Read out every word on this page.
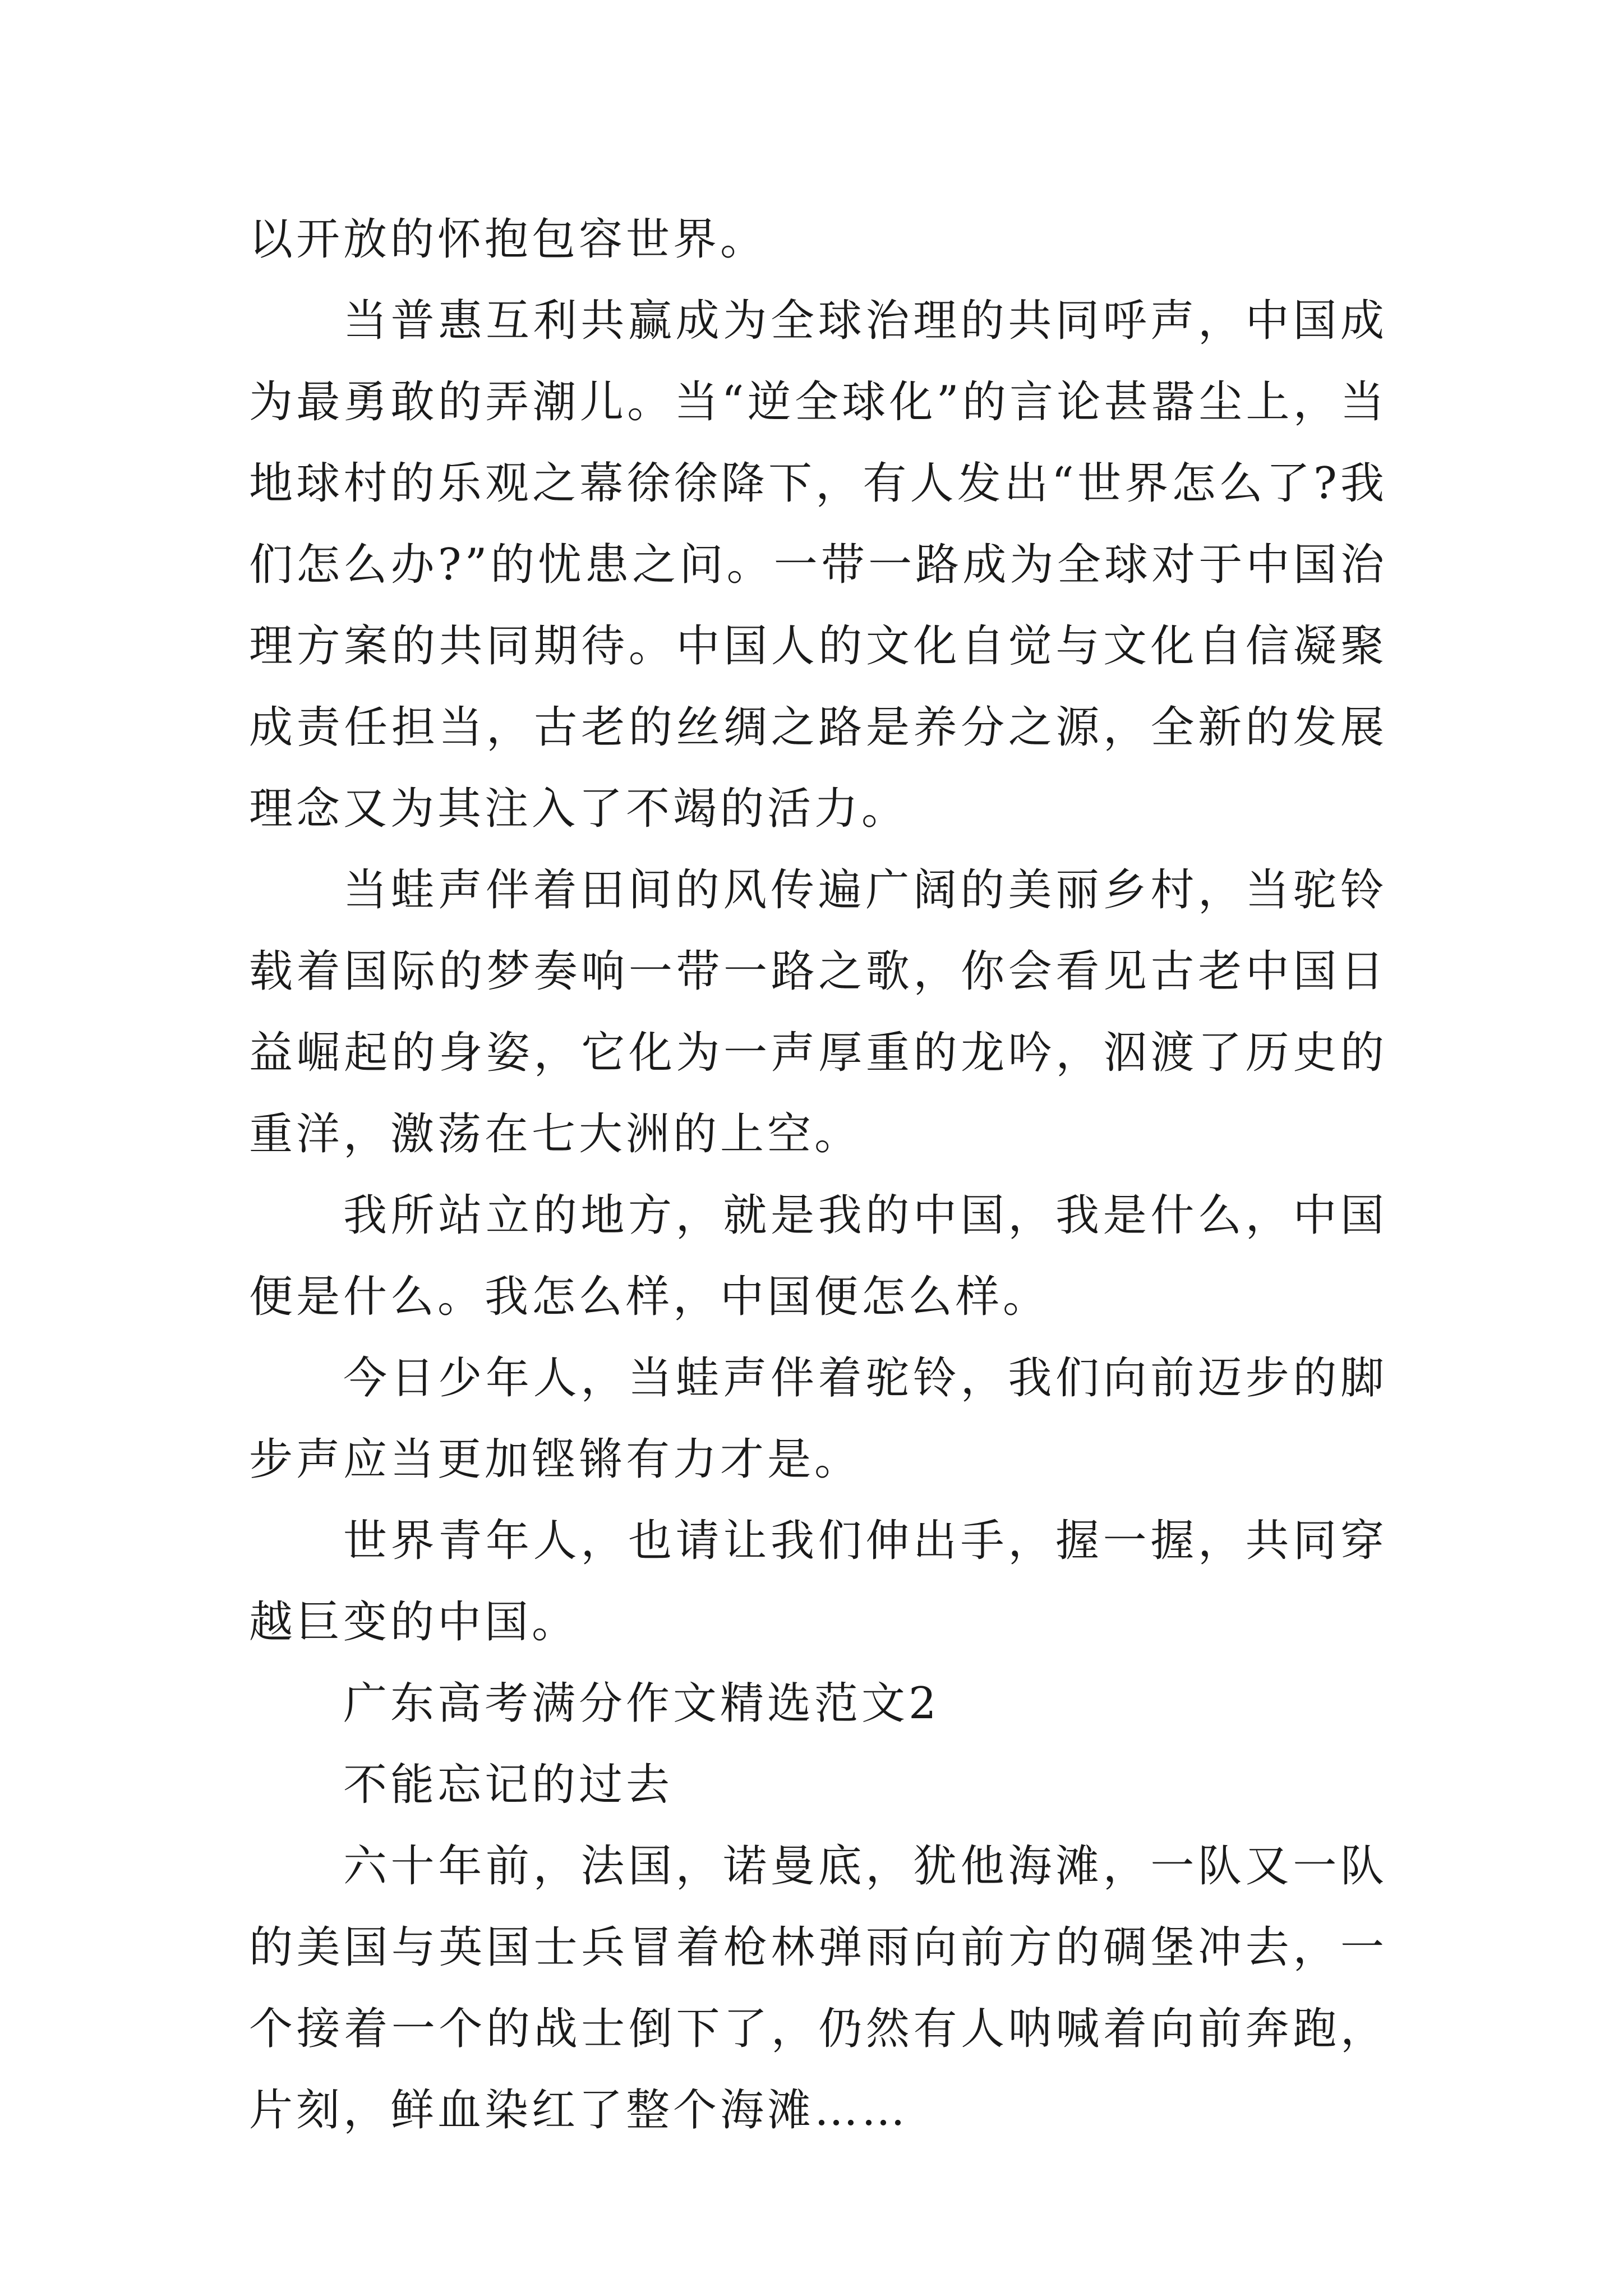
以开放的怀抱包容世界。

当普惠互利共赢成为全球治理的共同呼声，中国成为最勇敢的弄潮儿。当“逆全球化”的言论甚嚣尘上，当地球村的乐观之幕徐徐降下，有人发出“世界怎么了?我们怎么办?”的忧患之问。一带一路成为全球对于中国治理方案的共同期待。中国人的文化自觉与文化自信凝聚成责任担当，古老的丝绸之路是养分之源，全新的发展理念又为其注入了不竭的活力。

当蛙声伴着田间的风传遍广阔的美丽乡村，当驼铃载着国际的梦奏响一带一路之歌，你会看见古老中国日益崛起的身姿，它化为一声厚重的龙吟，泅渡了历史的重洋，激荡在七大洲的上空。

我所站立的地方，就是我的中国，我是什么，中国便是什么。我怎么样，中国便怎么样。

今日少年人，当蛙声伴着驼铃，我们向前迈步的脚步声应当更加铿锵有力才是。

世界青年人，也请让我们伸出手，握一握，共同穿越巨变的中国。

广东高考满分作文精选范文2

不能忘记的过去

六十年前，法国，诺曼底，犹他海滩，一队又一队的美国与英国士兵冒着枪林弹雨向前方的碉堡冲去，一个接着一个的战士倒下了，仍然有人呐喊着向前奔跑，片刻，鲜血染红了整个海滩……
